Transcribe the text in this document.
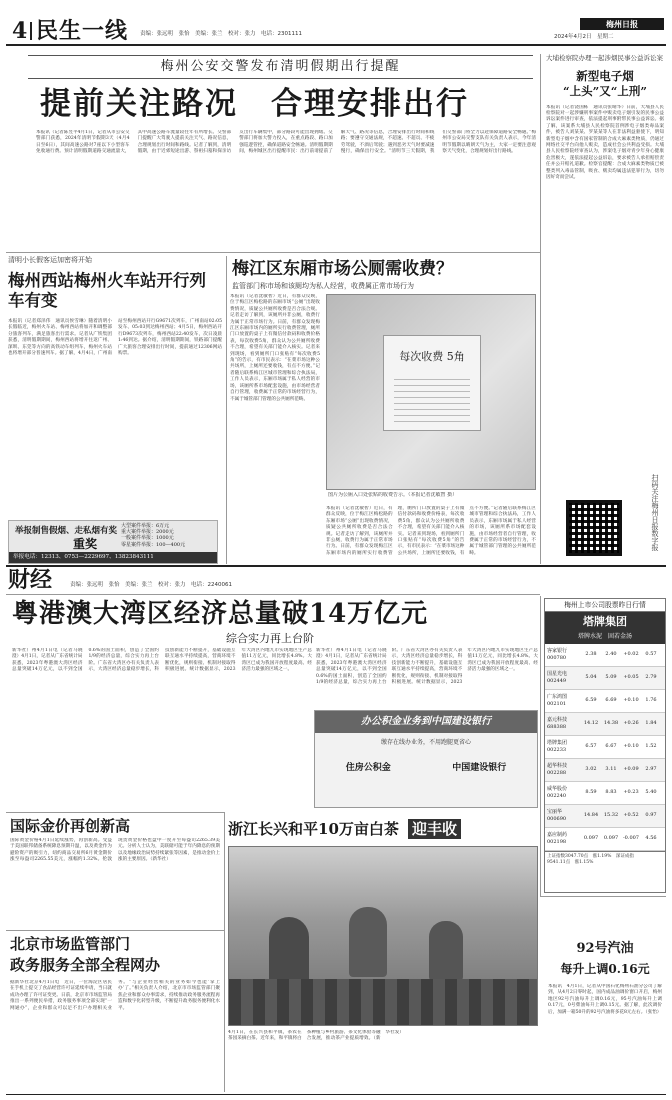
4 民生一线 责编：张远明　张怡　美编：张兰　校对：张力　电话：2301111	2024年4月2日　星期二
梅州日报
梅州公安交警发布清明假期出行提醒
提前关注路况　合理安排出行
本报讯（记者陈昱平4月1日，记者从市公安交警部门获悉，2024年清明节假期3天（4月4日至6日），其间高速公路对7座以下小型客车免收通行费。预计清明假期道路交通流量大，其中高速公路车流量较往年有所增长。交警部门提醒广大驾驶人提前关注天气、路况信息，合理规划出行时间和路线。记者了解到，清明假期，由于近郊短途出游、祭祖扫墓和探亲访友出行车辆集中，部分路段可能出现拥堵。交警部门将加大警力投入，在重点路段、路口加强巡逻管控，确保道路安全畅通。清明假期期间，梅州城区出行提醒市民：出行前请提前了解天气、路况等信息，合理安排出行时间和线路；要遵守交通法规，不超速、不超员、不疲劳驾驶，不酒后驾驶；遇到恶劣天气时要减速慢行，确保出行安全。“清明节三天假期，我们交警部门将全力以赴保障道路安全畅通。”梅州市公安局交警支队有关负责人表示，今年清明节假期以晴朗天气为主，大家一定要注意观察天气变化，合理规划好出行路线。
大埔检察院办理一起涉烟民事公益诉讼案
新型电子烟
“上头”又“上刑”
本报讯（记者饶国栋　通讯员张晴华）日前，大埔县人民检察院对一起涉嫌刑事案件中贩卖电子烟引发的民事公益诉讼案件进行审查，依法提起刑事附带民事公益诉讼。据了解，该案系大埔县人民检察院首例涉电子烟类毒品案件，被告人刘某某、罗某某等人在非法利益驱使下，明知新型电子烟中含有国家管制的合成大麻素类物质，仍通过网络社交平台向他人贩卖，造成社会公共利益受损。大埔县人民检察院经审查认为，涉案电子烟对青少年身心健康危害极大，遂依法提起公益诉讼，要求被告人承担赔偿责任并公开赔礼道歉。检察官提醒：合成大麻素类物质已被整类列入毒品管制，吸食、贩卖均属违法犯罪行为，切勿因好奇而尝试。
扫码关注梅州日报数字报
清明小长假客运加密将开始
梅州西站梅州火车站开行列车有变
本报讯（记者郑泽伟　通讯员侯雪琳）随着清明小长假临近，梅州火车站、梅州西站将加开和调整部分旅客列车，满足旅客出行需求。记者从广铁集团获悉，清明假期期间，梅州西站将增开往返广州、深圳、东莞等方向的高铁动车组列车，梅州火车站也将增开部分普速列车。据了解，4月4日，广州南站至梅州西站开行G9671次列车，广州南站02:05发车、05:03到达梅州西站；4月5日，梅州西站开行D9673次列车，梅州西站22:40发车，次日凌晨1:46到达。据介绍，清明假期期间，铁路部门提醒广大旅客合理安排出行时间，提前通过12306网站购票。
举报制售假烟、走私烟有奖
重奖
大型案件举报：6万元
重大案件举报：2000元
一般案件举报：1000元
零星案件举报：100—400元
举报电话：12313、0753—2229697、13823843111
梅江区东厢市场公厕需收费？
监管部门称市场和该厕均为私人经营，收费属正常市场行为
本报讯（记者沈敏智）近日，有群众反映，位于梅江区梅松路的东厢市场“公厕”出现收费情况，质疑公共厕所收费是否合法合规。记者走访了解到，该厕所并非公厕，收费行为属于正常市场行为。日前，有群众发现梅江区东厢市场内的厕所实行收费管理，厕所门口放置的桌子上有微信付款码和收费价格表，每次收费5角，群众认为公共厕所收费不合理，希望有关部门能介入核实。记者来到现场，看到厕所门口张贴有“每次收费5角”的告示，有市民表示：“在菜市场这种公共场所，上厕所还要收钱，有点不方便。”记者随后联系梅江区城市管理和综合执法局，工作人员表示，东厢市场属于私人经营的市场，该厕所系市场配套设施，由市场经营者自行管理，收费属于正常的市场经营行为，不属于城管部门管理的公共厕所范畴。
每次收费 5角
图片为公厕入口处张贴的收费告示。（本报记者沈敏智 摄）
本报讯（记者沈敏智）近日，有群众反映，位于梅江区梅松路的东厢市场“公厕”出现收费情况，质疑公共厕所收费是否合法合规。记者走访了解到，该厕所并非公厕，收费行为属于正常市场行为。日前，有群众发现梅江区东厢市场内的厕所实行收费管理，厕所门口放置的桌子上有微信付款码和收费价格表，每次收费5角，群众认为公共厕所收费不合理，希望有关部门能介入核实。记者来到现场，看到厕所门口张贴有“每次收费5角”的告示，有市民表示：“在菜市场这种公共场所，上厕所还要收钱，有点不方便。”记者随后联系梅江区城市管理和综合执法局，工作人员表示，东厢市场属于私人经营的市场，该厕所系市场配套设施，由市场经营者自行管理，收费属于正常的市场经营行为，不属于城管部门管理的公共厕所范畴。
财经	责编：张远明　张怡　美编：张兰　校对：张力　电话：2240061
粤港澳大湾区经济总量破14万亿元
综合实力再上台阶
新华社广州4月1日电（记者马晓澄）4月1日，记者从广东省统计局获悉，2023年粤港澳大湾区经济总量突破14万亿元，以不到全国0.6%的国土面积，创造了全国约1/9的经济总量，综合实力再上台阶。广东省大湾区办有关负责人表示，大湾区经济总量稳步增长，科技创新能力不断提升，基础设施互联互通水平持续提高，营商环境不断优化，规则衔接、机制对接取得积极进展。统计数据显示，2023年大湾区内地九市实现地区生产总值11万亿元，同比增长4.8%。大湾区已成为我国开放程度最高、经济活力最强的区域之一。
新华社广州4月1日电（记者马晓澄）4月1日，记者从广东省统计局获悉，2023年粤港澳大湾区经济总量突破14万亿元，以不到全国0.6%的国土面积，创造了全国约1/9的经济总量，综合实力再上台阶。广东省大湾区办有关负责人表示，大湾区经济总量稳步增长，科技创新能力不断提升，基础设施互联互通水平持续提高，营商环境不断优化，规则衔接、机制对接取得积极进展。统计数据显示，2023年大湾区内地九市实现地区生产总值11万亿元，同比增长4.8%。大湾区已成为我国开放程度最高、经济活力最强的区域之一。
办公积金业务到中国建设银行
缴存在线办业务，不用跑腿更省心
住房公积金	中国建设银行
梅州上市公司股票昨日行情
塔牌集团
塔牌水泥　固若金汤
客家银行
000780
2.38	2.40	+0.02	0.57
国星光电
002449
5.04	5.09	+0.05	2.79
广东鸿图
002101
6.59	6.69	+0.10	1.76
嘉元科技
688388
14.12	14.38	+0.26	1.84
塔牌集团
002233
6.57	6.67	+0.10	1.52
超华科技
002288
3.02	3.11	+0.09	2.97
威华股份
002240
8.59	8.83	+0.23	5.40
宝丽华
000690
14.84	15.32	+0.52	0.97
嘉应制药
002198
0.097	0.097 -0.007	4.56
上证指数3047.70点　涨1.19%　深证成指
9541.11点　涨1.15%
国际金价再创新高
国际黄金价格4月1日延续涨势，再创新高。受益于美国联邦储备系统降息预期升温，以及黄金作为避险资产的吸引力，纽约商品交易所6月黄金期价涨至每盎司2265.55美元，涨幅约1.32%。伦敦现货黄金价格也盘中一度升至每盎司2265.39美元。分析人士认为，美联储可能于年内降息的预期以及地缘政治局势持续紧张等因素，是推动金价上涨的主要原因。（新华社）
浙江长兴和平10万亩白茶 迎丰收
4月1日，在长兴县和平镇，茶农在茶园采摘白茶。近年来，和平镇将白茶种植与乡村旅游、茶文化体验等融合发展，推动茶产业提质增效。（新华社发）
北京市场监管部门
政务服务全部全程网办
据新华社北京4月1日电　近日，一位海淀区居民在手机上提交了食品经营许可证延续申请，当日就成功办理了许可证变更。日前，北京市市场监管局推出一系列便民举措，政务服务事项全部实现“一网通办”，企业和群众可以足不出户办理相关业务。“与企业经营相关的业务如今也能‘掌上办’了。”相关负责人介绍，北京市市场监管部门聚焦企业和群众办事需求，持续推动政务服务流程再造和数字化转型升级，不断提升政务服务便利化水平。
92号汽油
每升上调0.16元
本报讯　4月1日，记者从中国石化梅州石油分公司了解到，从4月2日零时起，国内成品油调价窗口开启，梅州地区92号汽油每升上调0.16元，95号汽油每升上调0.17元，0号柴油每升上调0.15元。据了解，此次调价后，加满一箱50升的92号汽油将多花8元左右。（张怡）
